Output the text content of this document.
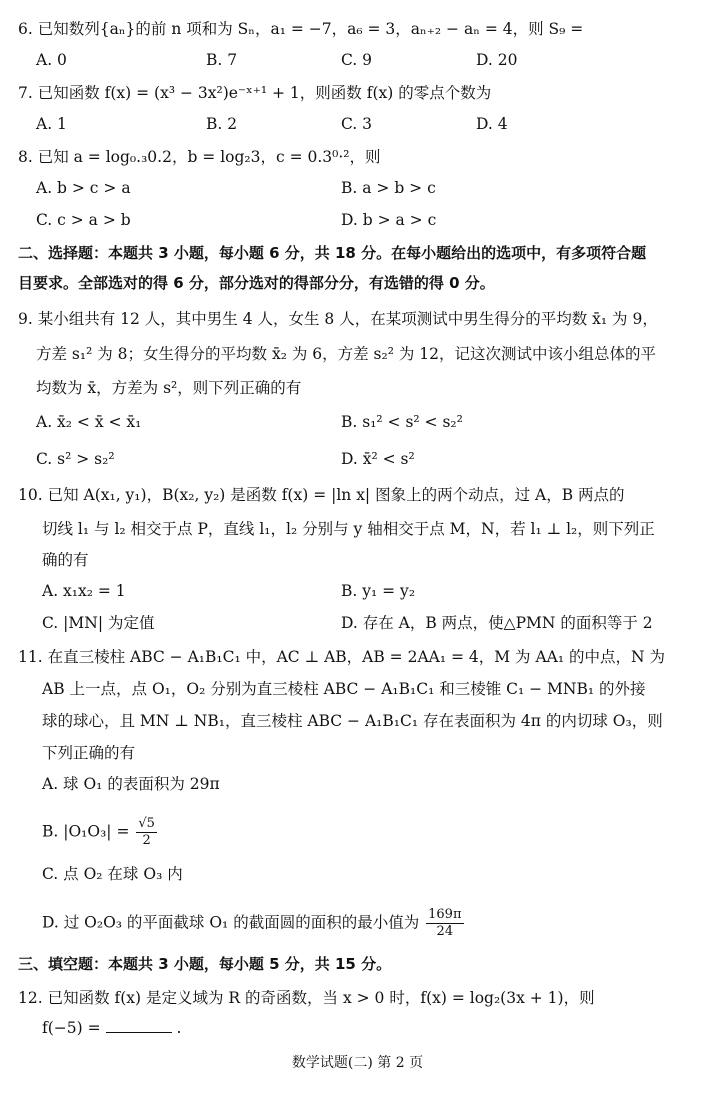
6. 已知数列{aₙ}的前 n 项和为 Sₙ，a₁ = −7，a₆ = 3，aₙ₊₂ − aₙ = 4，则 S₉ =
A. 0	B. 7	C. 9	D. 20
7. 已知函数 f(x) = (x³ − 3x²)e⁻ˣ⁺¹ + 1，则函数 f(x) 的零点个数为
A. 1	B. 2	C. 3	D. 4
8. 已知 a = log₀.₃0.2，b = log₂3，c = 0.3⁰·²，则
A. b > c > a	B. a > b > c
C. c > a > b	D. b > a > c
二、选择题：本题共 3 小题，每小题 6 分，共 18 分。在每小题给出的选项中，有多项符合题
目要求。全部选对的得 6 分，部分选对的得部分分，有选错的得 0 分。
9. 某小组共有 12 人，其中男生 4 人，女生 8 人，在某项测试中男生得分的平均数 x̄₁ 为 9，
方差 s₁² 为 8；女生得分的平均数 x̄₂ 为 6，方差 s₂² 为 12，记这次测试中该小组总体的平
均数为 x̄，方差为 s²，则下列正确的有
A. x̄₂ < x̄ < x̄₁	B. s₁² < s² < s₂²
C. s² > s₂²	D. x̄² < s²
10. 已知 A(x₁, y₁)，B(x₂, y₂) 是函数 f(x) = |ln x| 图象上的两个动点，过 A，B 两点的
切线 l₁ 与 l₂ 相交于点 P，直线 l₁，l₂ 分别与 y 轴相交于点 M，N，若 l₁ ⊥ l₂，则下列正
确的有
A. x₁x₂ = 1	B. y₁ = y₂
C. |MN| 为定值	D. 存在 A，B 两点，使△PMN 的面积等于 2
11. 在直三棱柱 ABC − A₁B₁C₁ 中，AC ⊥ AB，AB = 2AA₁ = 4，M 为 AA₁ 的中点，N 为
AB 上一点，点 O₁，O₂ 分别为直三棱柱 ABC − A₁B₁C₁ 和三棱锥 C₁ − MNB₁ 的外接
球的球心，且 MN ⊥ NB₁，直三棱柱 ABC − A₁B₁C₁ 存在表面积为 4π 的内切球 O₃，则
下列正确的有
A. 球 O₁ 的表面积为 29π
B. $|O_1O_3| = \frac{√5}{2}$
C. 点 O₂ 在球 O₃ 内
D. 过 O₂O₃ 的平面截球 O₁ 的截面圆的面积的最小值为 $\frac{169\pi}{24}$
三、填空题：本题共 3 小题，每小题 5 分，共 15 分。
12. 已知函数 f(x) 是定义域为 R 的奇函数，当 x > 0 时，f(x) = log₂(3x + 1)，则
f(−5) =	.
数学试题(二) 第 2 页
